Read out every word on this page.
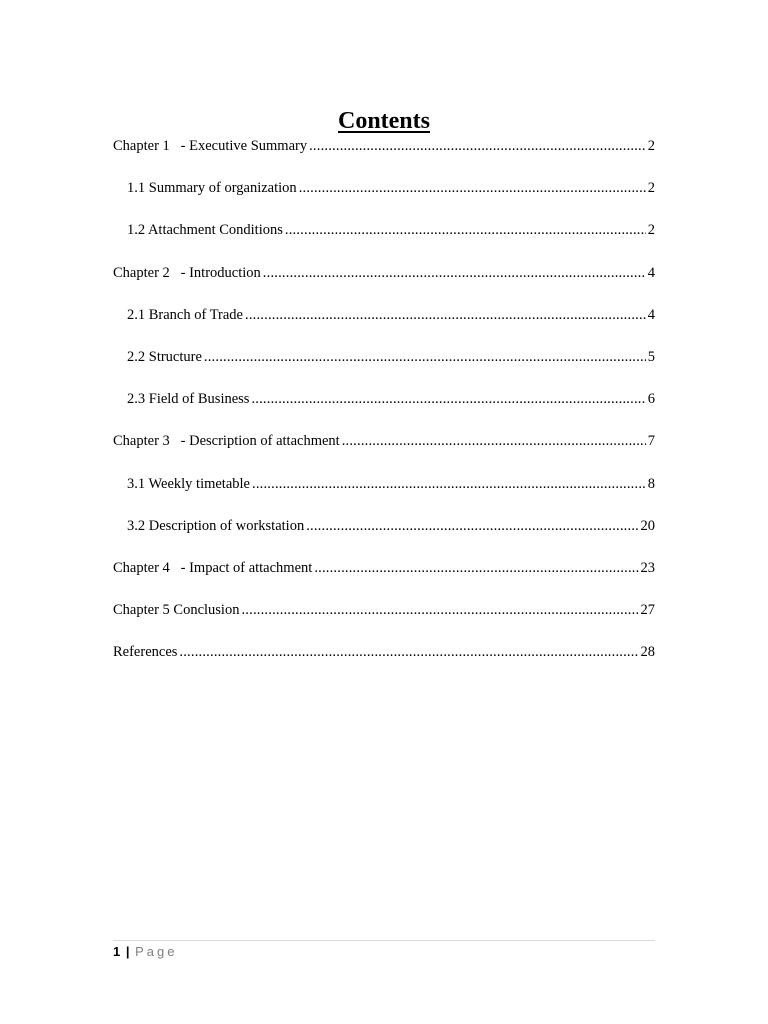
Contents
Chapter 1   - Executive Summary .....	2
1.1 Summary of organization .....	2
1.2 Attachment Conditions .....	2
Chapter 2   - Introduction .....	4
2.1 Branch of Trade .....	4
2.2 Structure .....	5
2.3 Field of Business .....	6
Chapter 3   - Description of attachment .....	7
3.1 Weekly timetable .....	8
3.2 Description of workstation .....	20
Chapter 4   - Impact of attachment .....	23
Chapter 5 Conclusion .....	27
References .....	28
1 | Page
